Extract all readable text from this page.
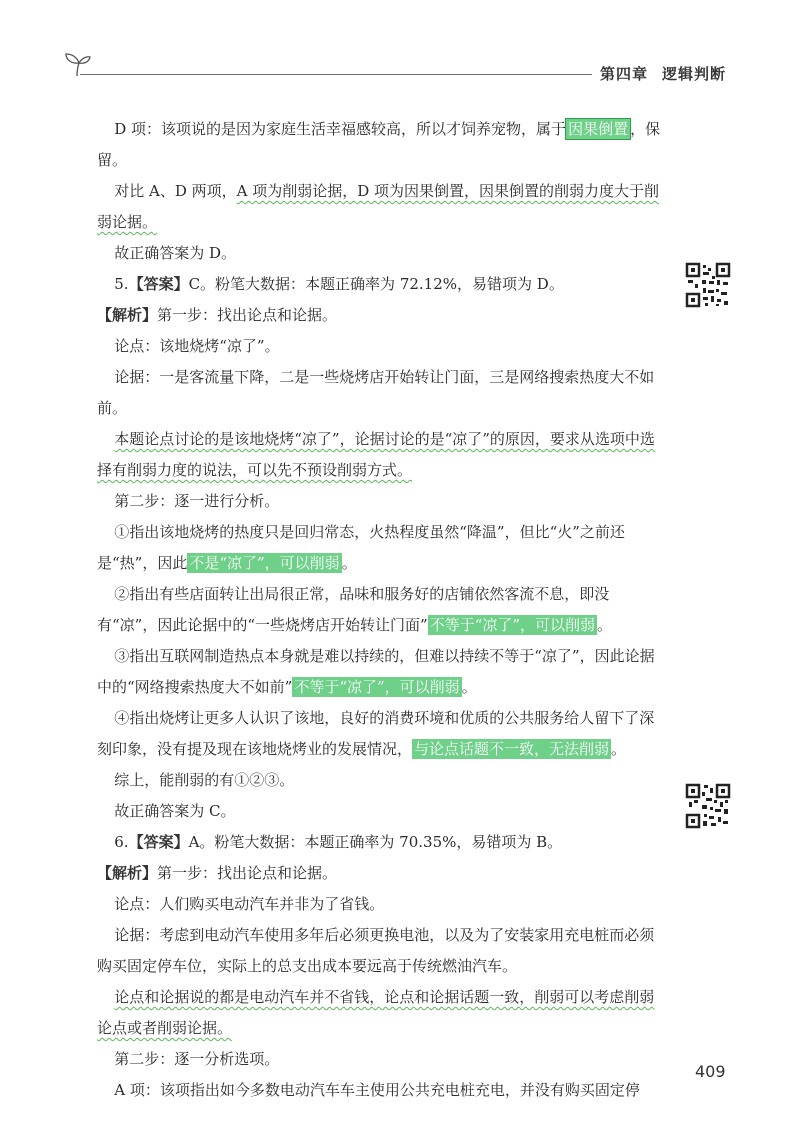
第四章 逻辑判断

D 项：该项说的是因为家庭生活幸福感较高，所以才饲养宠物，属于 因果倒置 ，保留。

对比 A、D 两项，A 项为削弱论据，D 项为因果倒置，因果倒置的削弱力度大于削弱论据。

故正确答案为 D。

5.【答案】C。粉笔大数据：本题正确率为 72.12%，易错项为 D。

【解析】第一步：找出论点和论据。

论点：该地烧烤“凉了”。

论据：一是客流量下降，二是一些烧烤店开始转让门面，三是网络搜索热度大不如前。

本题论点讨论的是该地烧烤“凉了”，论据讨论的是“凉了”的原因，要求从选项中选择有削弱力度的说法，可以先不预设削弱方式。

第二步：逐一进行分析。

①指出该地烧烤的热度只是回归常态，火热程度虽然“降温”，但比“火”之前还是“热”，因此 不是“凉了”，可以削弱 。

②指出有些店面转让出局很正常，品味和服务好的店铺依然客流不息，即没有“凉”，因此论据中的“一些烧烤店开始转让门面” 不等于“凉了”，可以削弱 。

③指出互联网制造热点本身就是难以持续的，但难以持续不等于“凉了”，因此论据中的“网络搜索热度大不如前” 不等于“凉了”，可以削弱 。

④指出烧烤让更多人认识了该地，良好的消费环境和优质的公共服务给人留下了深刻印象，没有提及现在该地烧烤业的发展情况， 与论点话题不一致，无法削弱 。

综上，能削弱的有①②③。

故正确答案为 C。

6.【答案】A。粉笔大数据：本题正确率为 70.35%，易错项为 B。

【解析】第一步：找出论点和论据。

论点：人们购买电动汽车并非为了省钱。

论据：考虑到电动汽车使用多年后必须更换电池，以及为了安装家用充电桩而必须购买固定停车位，实际上的总支出成本要远高于传统燃油汽车。

论点和论据说的都是电动汽车并不省钱，论点和论据话题一致，削弱可以考虑削弱论点或者削弱论据。

第二步：逐一分析选项。

A 项：该项指出如今多数电动汽车车主使用公共充电桩充电，并没有购买固定停

409
